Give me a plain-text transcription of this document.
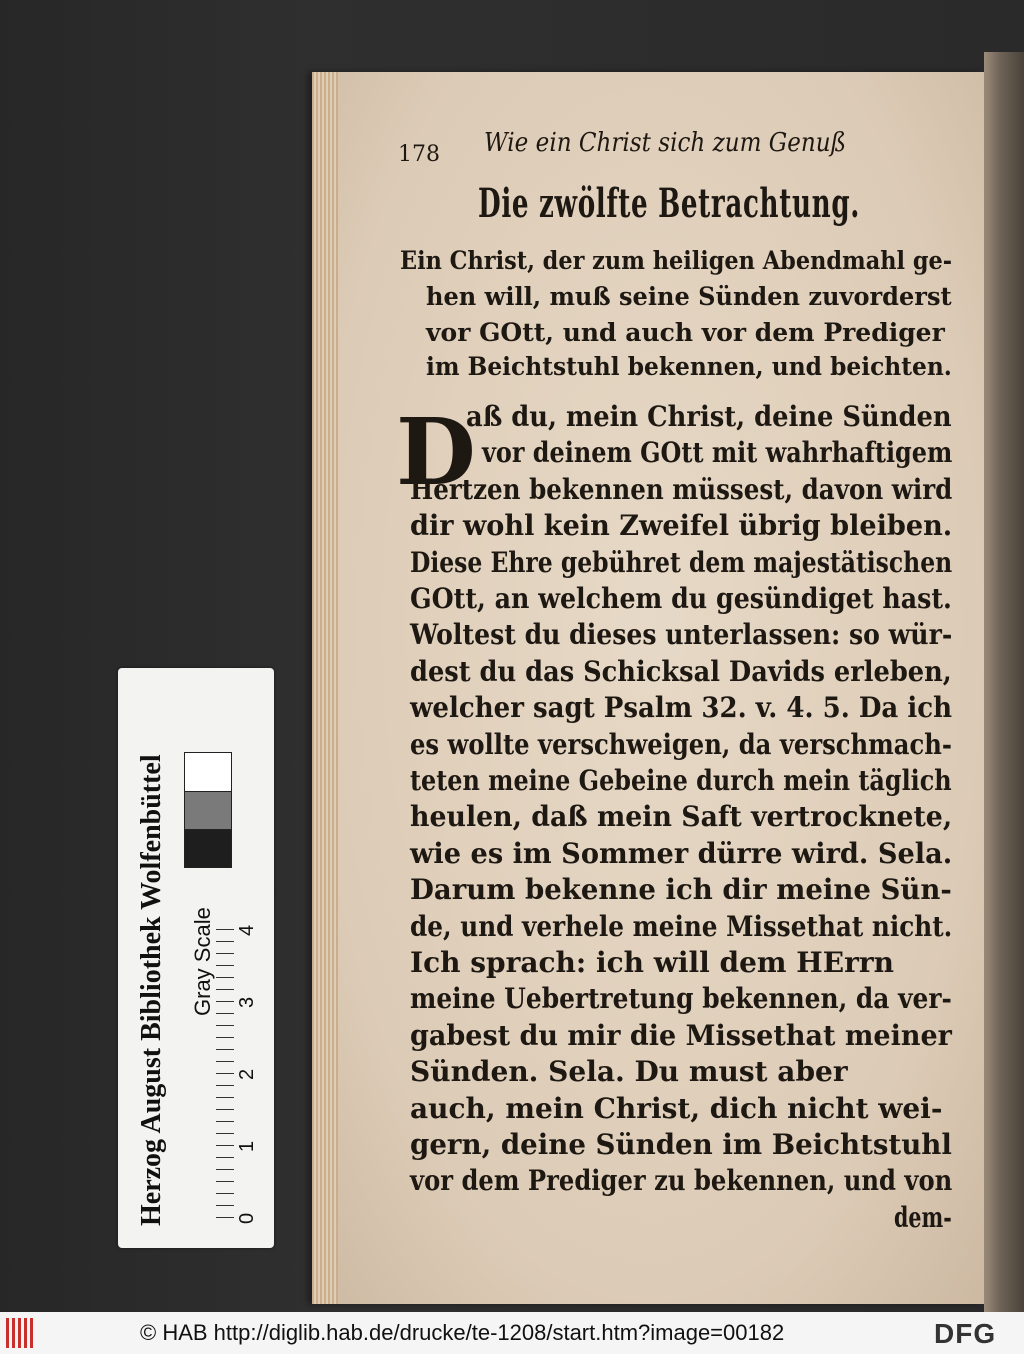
178 Wie ein Christ sich zum Genuß
Die zwölfte Betrachtung.
Ein Christ, der zum heiligen Abendmahl ge-
hen will, muß seine Sünden zuvorderst
vor GOtt, und auch vor dem Prediger
im Beichtstuhl bekennen, und beichten.
D
aß du, mein Christ, deine Sünden
vor deinem GOtt mit wahrhaftigem
Hertzen bekennen müssest, davon wird
dir wohl kein Zweifel übrig bleiben.
Diese Ehre gebühret dem majestätischen
GOtt, an welchem du gesündiget hast.
Woltest du dieses unterlassen: so wür-
dest du das Schicksal Davids erleben,
welcher sagt Psalm 32. v. 4. 5. Da ich
es wollte verschweigen, da verschmach-
teten meine Gebeine durch mein täglich
heulen, daß mein Saft vertrocknete,
wie es im Sommer dürre wird. Sela.
Darum bekenne ich dir meine Sün-
de, und verhele meine Missethat nicht.
Ich sprach: ich will dem HErrn
meine Uebertretung bekennen, da ver-
gabest du mir die Missethat meiner
Sünden. Sela. Du must aber
auch, mein Christ, dich nicht wei-
gern, deine Sünden im Beichtstuhl
vor dem Prediger zu bekennen, und von
dem-
Herzog August Bibliothek Wolfenbüttel	0
1
2
3
4
Gray Scale
© HAB http://diglib.hab.de/drucke/te-1208/start.htm?image=00182	DFG
